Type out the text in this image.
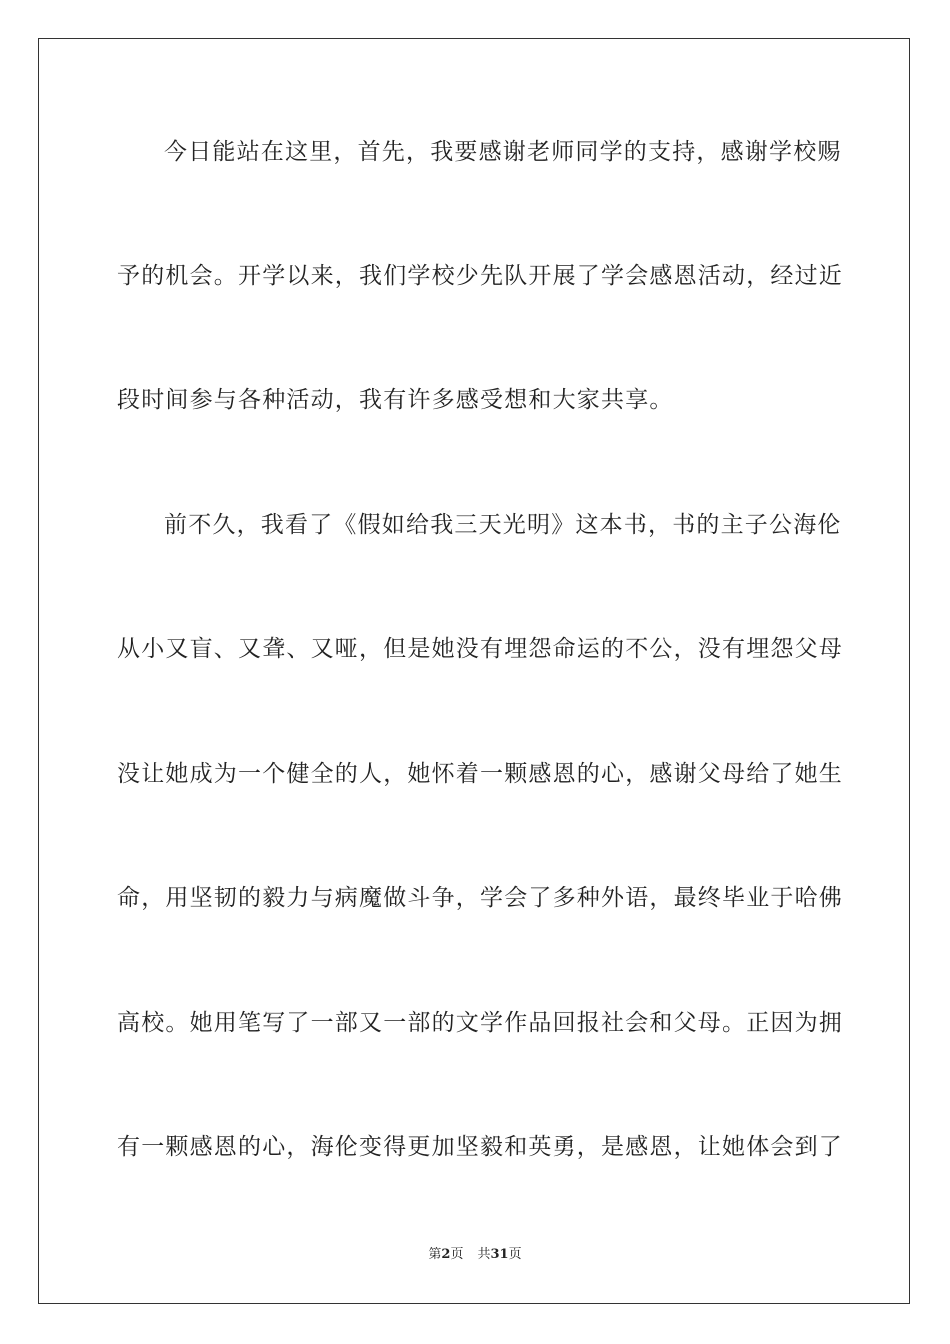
今日能站在这里，首先，我要感谢老师同学的支持，感谢学校赐

予的机会。开学以来，我们学校少先队开展了学会感恩活动，经过近

段时间参与各种活动，我有许多感受想和大家共享。

前不久，我看了《假如给我三天光明》这本书，书的主子公海伦

从小又盲、又聋、又哑，但是她没有埋怨命运的不公，没有埋怨父母

没让她成为一个健全的人，她怀着一颗感恩的心，感谢父母给了她生

命，用坚韧的毅力与病魔做斗争，学会了多种外语，最终毕业于哈佛

高校。她用笔写了一部又一部的文学作品回报社会和父母。正因为拥

有一颗感恩的心，海伦变得更加坚毅和英勇，是感恩，让她体会到了

第2页 共31页
